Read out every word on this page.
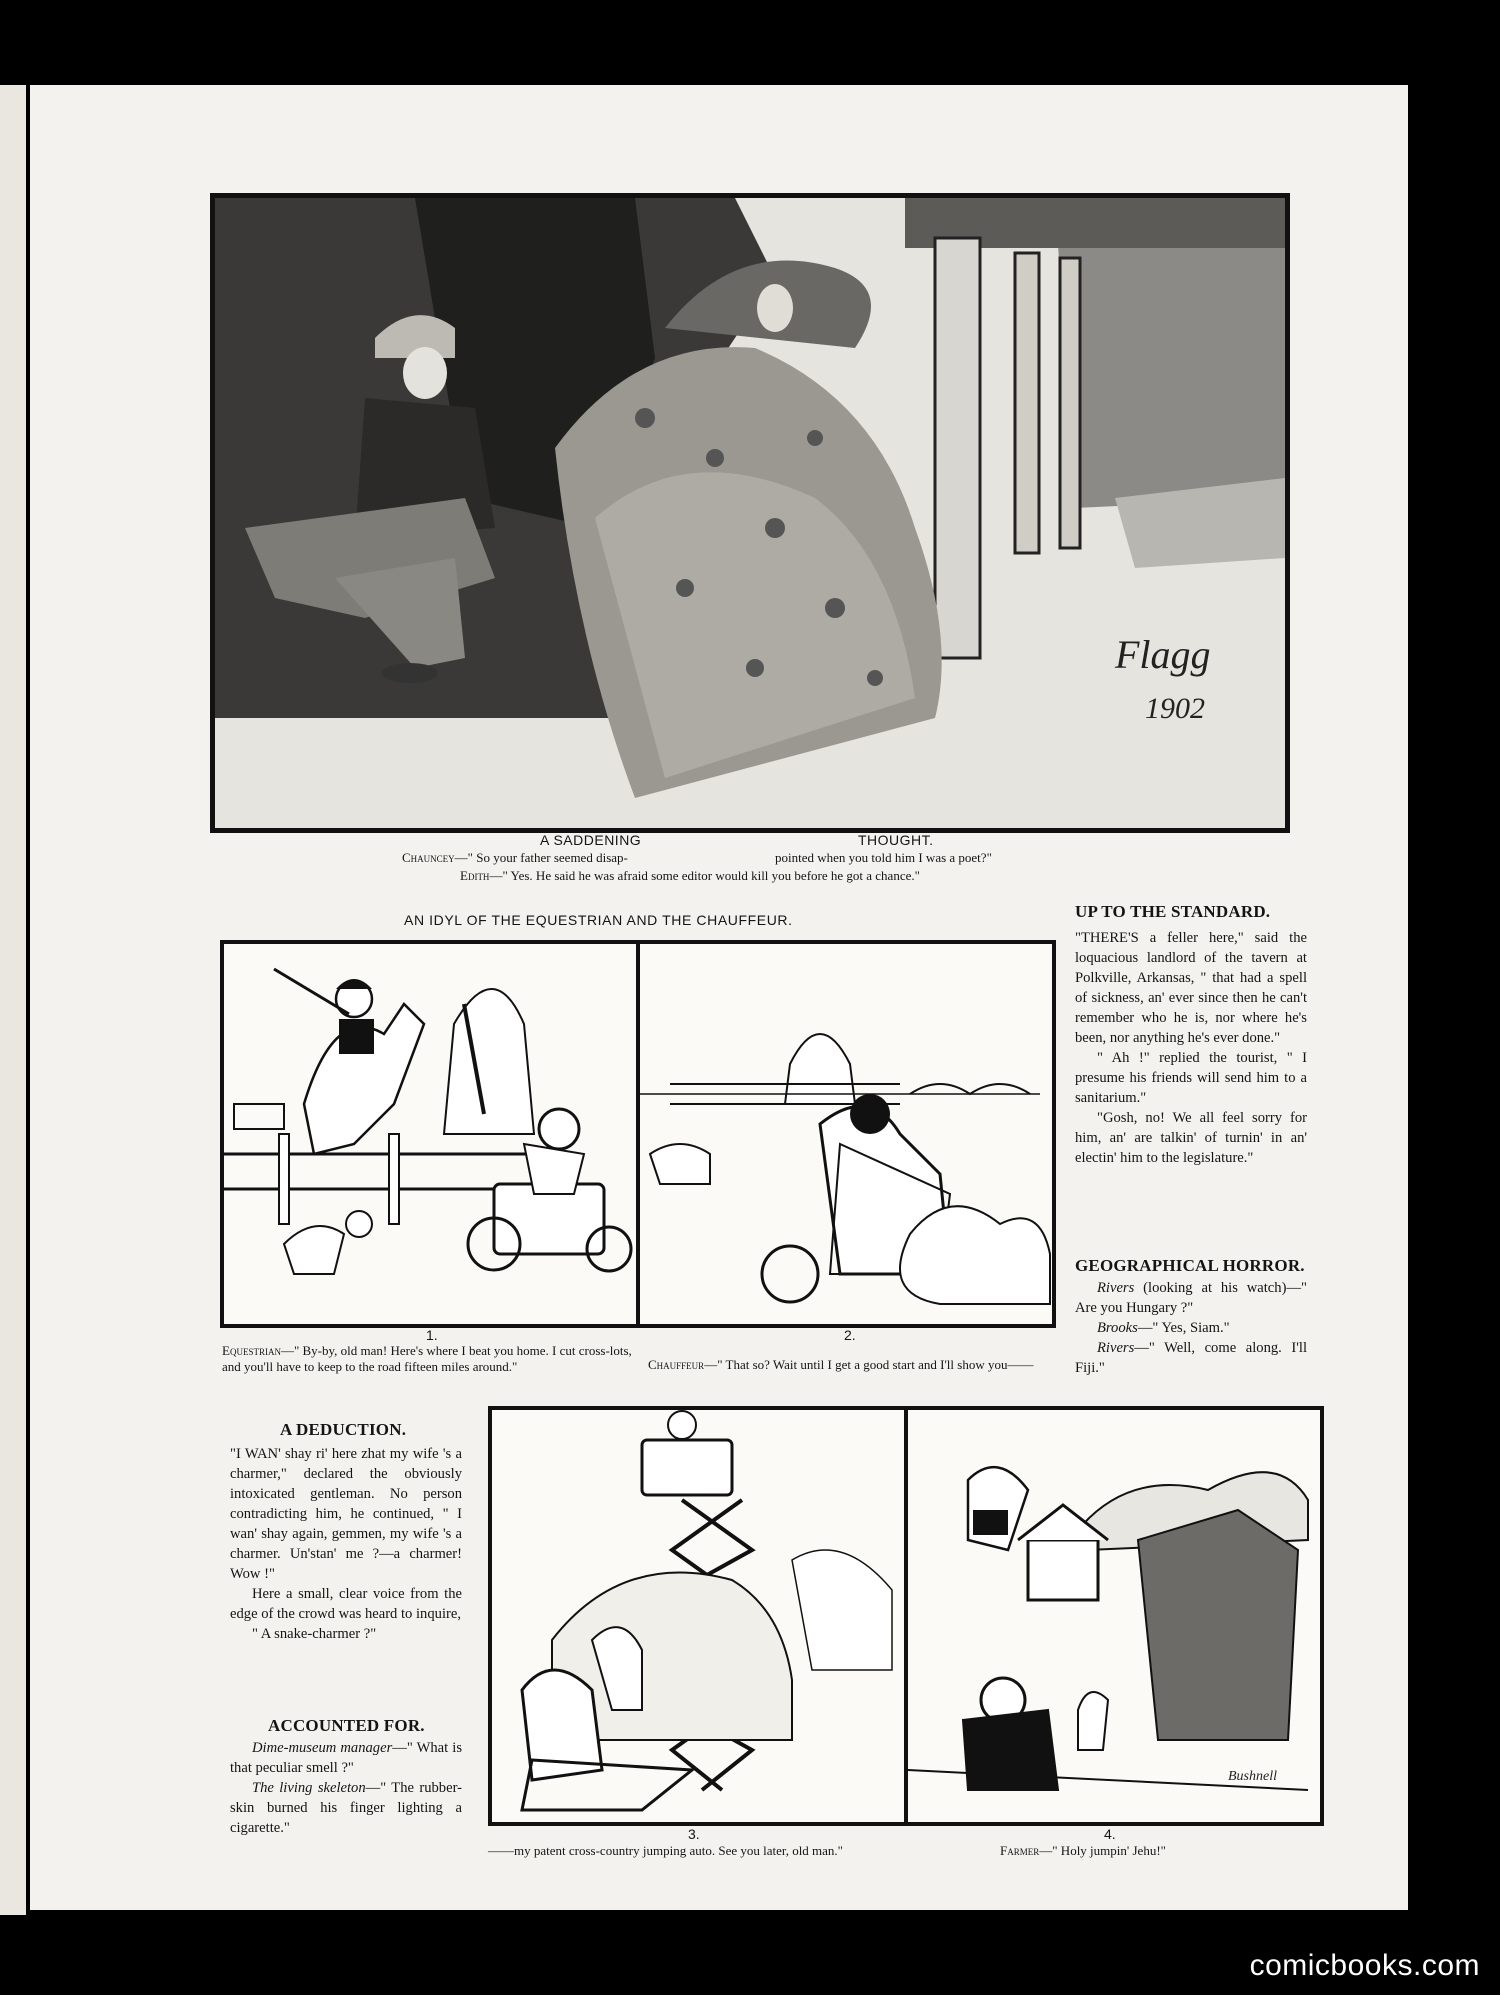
Flagg
1902
A SADDENING	THOUGHT.
Chauncey—" So your father seemed disap-	pointed when you told him I was a poet?"
Edith—" Yes. He said he was afraid some editor would kill you before he got a chance."
AN IDYL OF THE EQUESTRIAN AND THE CHAUFFEUR.
1.
Equestrian—" By-by, old man! Here's where I beat you home. I cut cross-lots, and you'll have to keep to the road fifteen miles around."
2.
Chauffeur—" That so? Wait until I get a good start and I'll show you——
3.
——my patent cross-country jumping auto. See you later, old man."
Bushnell
4.
Farmer—" Holy jumpin' Jehu!"
UP TO THE STANDARD.

"THERE'S a feller here," said the loquacious landlord of the tavern at Polkville, Arkansas, " that had a spell of sickness, an' ever since then he can't remember who he is, nor where he's been, nor anything he's ever done."

" Ah !" replied the tourist, " I presume his friends will send him to a sanitarium."

"Gosh, no! We all feel sorry for him, an' are talkin' of turnin' in an' electin' him to the legislature."

GEOGRAPHICAL HORROR.

Rivers (looking at his watch)—" Are you Hungary ?"

Brooks—" Yes, Siam."

Rivers—" Well, come along. I'll Fiji."

A DEDUCTION.

"I WAN' shay ri' here zhat my wife 's a charmer," declared the obviously intoxicated gentleman. No person contradicting him, he continued, " I wan' shay again, gemmen, my wife 's a charmer. Un'stan' me ?—a charmer! Wow !"

Here a small, clear voice from the edge of the crowd was heard to inquire,

" A snake-charmer ?"

ACCOUNTED FOR.

Dime-museum manager—" What is that peculiar smell ?"

The living skeleton—" The rubber-skin burned his finger lighting a cigarette."

comicbooks.com
